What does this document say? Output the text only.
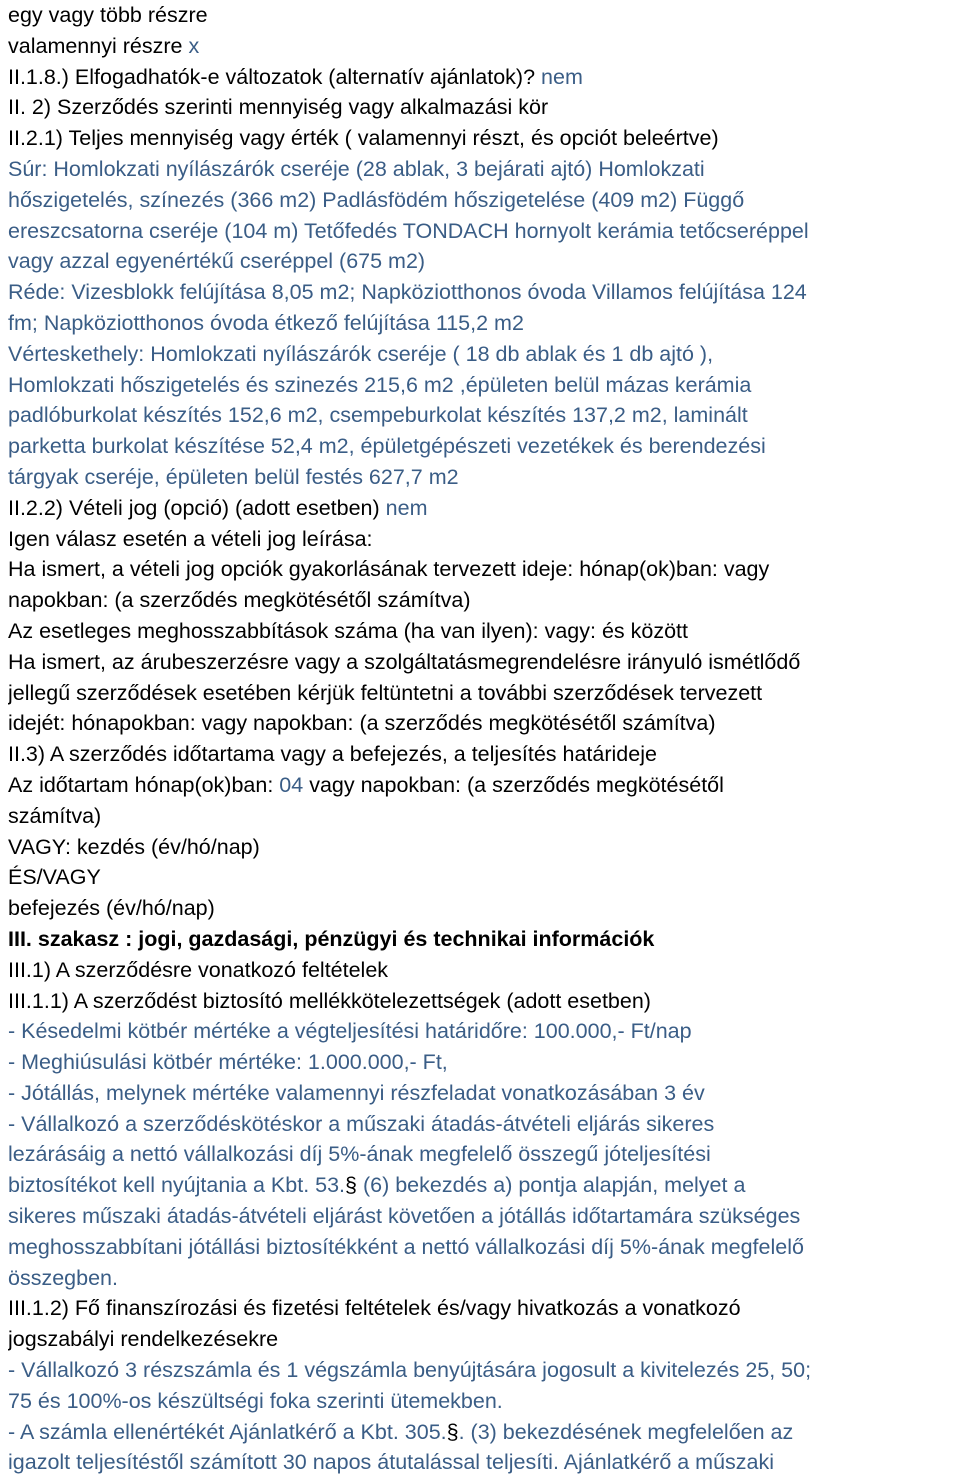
egy vagy több részre
valamennyi részre x
II.1.8.) Elfogadhatók-e változatok (alternatív ajánlatok)? nem
II. 2) Szerződés szerinti mennyiség vagy alkalmazási kör
II.2.1) Teljes mennyiség vagy érték ( valamennyi részt, és opciót beleértve)
Súr: Homlokzati nyílászárók cseréje (28 ablak, 3 bejárati ajtó) Homlokzati
hőszigetelés, színezés (366 m2) Padlásfödém hőszigetelése (409 m2) Függő
ereszcsatorna cseréje (104 m) Tetőfedés TONDACH hornyolt kerámia tetőcseréppel
vagy azzal egyenértékű cseréppel (675 m2)
Réde: Vizesblokk felújítása 8,05 m2; Napköziotthonos óvoda Villamos felújítása 124
fm; Napköziotthonos óvoda étkező felújítása 115,2 m2
Vérteskethely: Homlokzati nyílászárók cseréje ( 18 db ablak és 1 db ajtó ),
Homlokzati hőszigetelés és szinezés 215,6 m2 ,épületen belül mázas kerámia
padlóburkolat készítés 152,6 m2, csempeburkolat készítés 137,2 m2, laminált
parketta burkolat készítése 52,4 m2, épületgépészeti vezetékek és berendezési
tárgyak cseréje, épületen belül festés 627,7 m2
II.2.2) Vételi jog (opció) (adott esetben) nem
Igen válasz esetén a vételi jog leírása:
Ha ismert, a vételi jog opciók gyakorlásának tervezett ideje: hónap(ok)ban: vagy
napokban: (a szerződés megkötésétől számítva)
Az esetleges meghosszabbítások száma (ha van ilyen): vagy: és között
Ha ismert, az árubeszerzésre vagy a szolgáltatásmegrendelésre irányuló ismétlődő
jellegű szerződések esetében kérjük feltüntetni a további szerződések tervezett
idejét: hónapokban: vagy napokban: (a szerződés megkötésétől számítva)
II.3) A szerződés időtartama vagy a befejezés, a teljesítés határideje
Az időtartam hónap(ok)ban: 04 vagy napokban: (a szerződés megkötésétől
számítva)
VAGY: kezdés (év/hó/nap)
ÉS/VAGY
befejezés (év/hó/nap)
III. szakasz : jogi, gazdasági, pénzügyi és technikai információk
III.1) A szerződésre vonatkozó feltételek
III.1.1) A szerződést biztosító mellékkötelezettségek (adott esetben)
- Késedelmi kötbér mértéke a végteljesítési határidőre: 100.000,- Ft/nap
- Meghiúsulási kötbér mértéke: 1.000.000,- Ft,
- Jótállás, melynek mértéke valamennyi részfeladat vonatkozásában 3 év
- Vállalkozó a szerződéskötéskor a műszaki átadás-átvételi eljárás sikeres
lezárásáig a nettó vállalkozási díj 5%-ának megfelelő összegű jóteljesítési
biztosítékot kell nyújtania a Kbt. 53.§ (6) bekezdés a) pontja alapján, melyet a
sikeres műszaki átadás-átvételi eljárást követően a jótállás időtartamára szükséges
meghosszabbítani jótállási biztosítékként a nettó vállalkozási díj 5%-ának megfelelő
összegben.
III.1.2) Fő finanszírozási és fizetési feltételek és/vagy hivatkozás a vonatkozó
jogszabályi rendelkezésekre
- Vállalkozó 3 részszámla és 1 végszámla benyújtására jogosult a kivitelezés 25, 50;
75 és 100%-os készültségi foka szerinti ütemekben.
- A számla ellenértékét Ajánlatkérő a Kbt. 305.§. (3) bekezdésének megfelelően az
igazolt teljesítéstől számított 30 napos átutalással teljesíti. Ajánlatkérő a műszaki
